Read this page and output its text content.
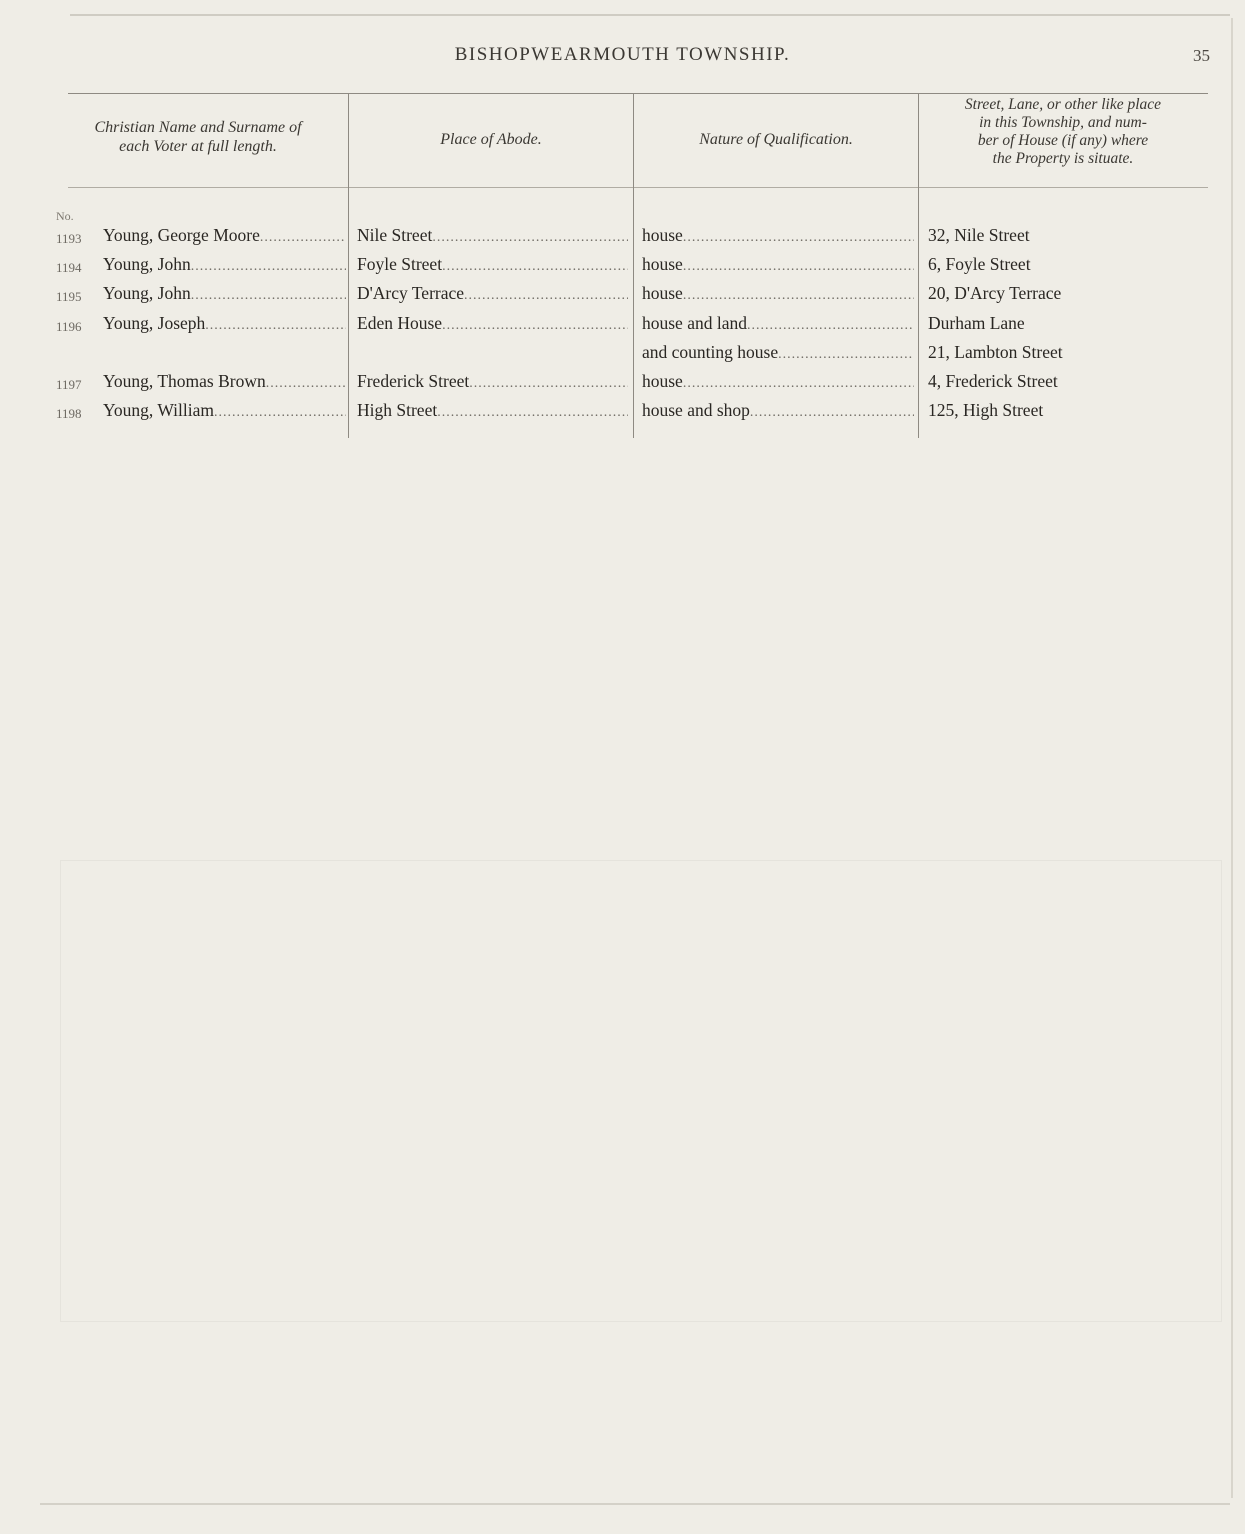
BISHOPWEARMOUTH TOWNSHIP.	35
Christian Name and Surname of
each Voter at full length.	Place of Abode.	Nature of Qualification.
Street, Lane, or other like place
in this Township, and num-
ber of House (if any) where
the Property is situate.
No.
1193	Young, George Moore .....	Nile Street .....	house .....	32, Nile Street
1194	Young, John .....	Foyle Street .....	house .....	6, Foyle Street
1195	Young, John .....	D'Arcy Terrace .....	house .....	20, D'Arcy Terrace
1196	Young, Joseph .....	Eden House .....	house and land .....	Durham Lane
and counting house .....	21, Lambton Street
1197	Young, Thomas Brown .....	Frederick Street .....	house .....	4, Frederick Street
1198	Young, William .....	High Street .....	house and shop .....	125, High Street
